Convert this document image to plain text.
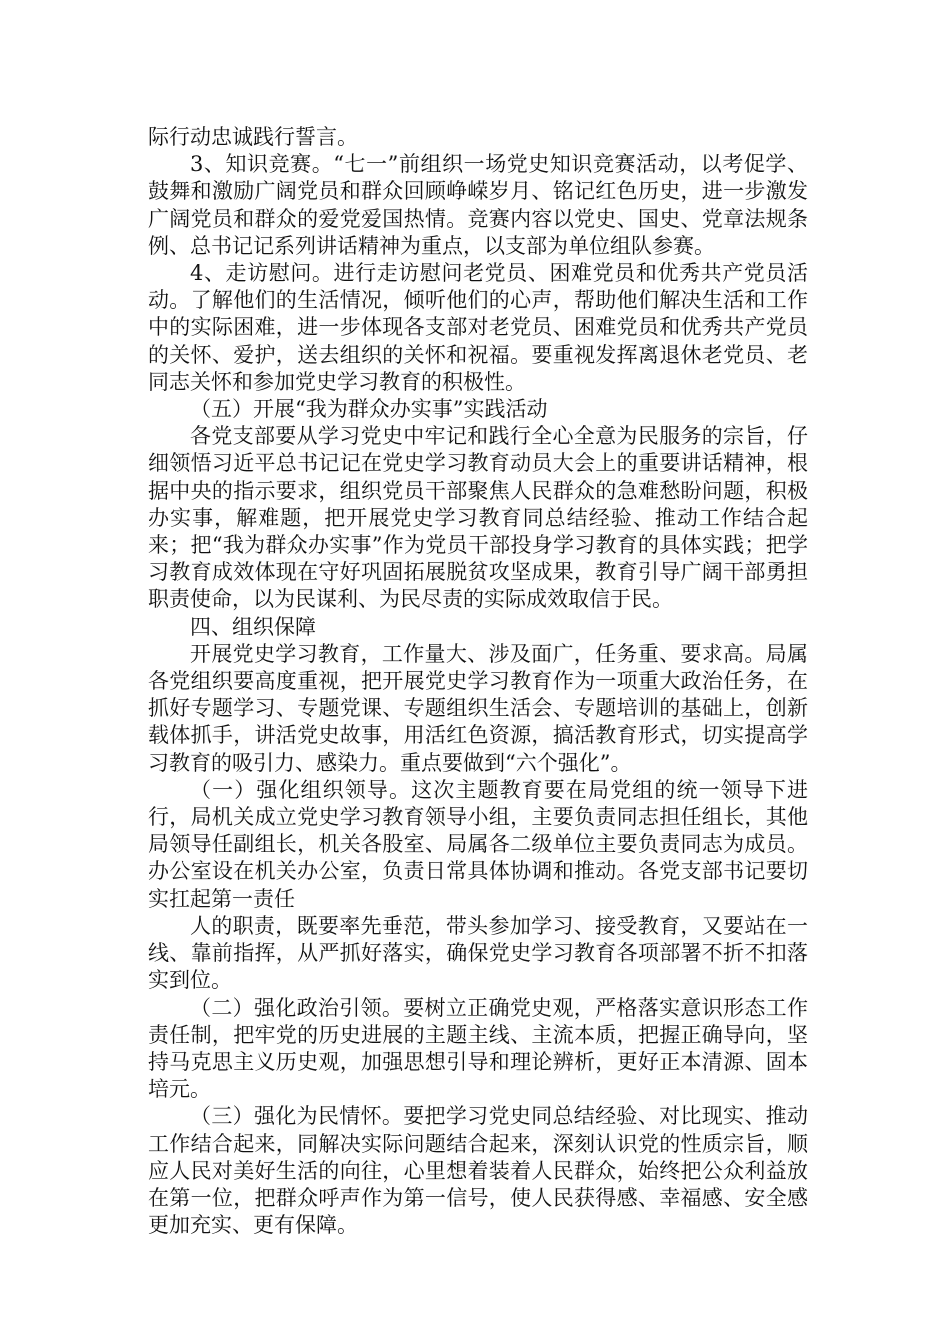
际行动忠诚践行誓言。

3、知识竞赛。“七一”前组织一场党史知识竞赛活动，以考促学、鼓舞和激励广阔党员和群众回顾峥嵘岁月、铭记红色历史，进一步激发广阔党员和群众的爱党爱国热情。竞赛内容以党史、国史、党章法规条例、总书记记系列讲话精神为重点，以支部为单位组队参赛。

4、走访慰问。进行走访慰问老党员、困难党员和优秀共产党员活动。了解他们的生活情况，倾听他们的心声，帮助他们解决生活和工作中的实际困难，进一步体现各支部对老党员、困难党员和优秀共产党员的关怀、爱护，送去组织的关怀和祝福。要重视发挥离退休老党员、老同志关怀和参加党史学习教育的积极性。

（五）开展“我为群众办实事”实践活动

各党支部要从学习党史中牢记和践行全心全意为民服务的宗旨，仔细领悟习近平总书记记在党史学习教育动员大会上的重要讲话精神，根据中央的指示要求，组织党员干部聚焦人民群众的急难愁盼问题，积极办实事，解难题，把开展党史学习教育同总结经验、推动工作结合起来；把“我为群众办实事”作为党员干部投身学习教育的具体实践；把学习教育成效体现在守好巩固拓展脱贫攻坚成果，教育引导广阔干部勇担职责使命，以为民谋利、为民尽责的实际成效取信于民。

四、组织保障

开展党史学习教育，工作量大、涉及面广，任务重、要求高。局属各党组织要高度重视，把开展党史学习教育作为一项重大政治任务，在抓好专题学习、专题党课、专题组织生活会、专题培训的基础上，创新载体抓手，讲活党史故事，用活红色资源，搞活教育形式，切实提高学习教育的吸引力、感染力。重点要做到“六个强化”。

（一）强化组织领导。这次主题教育要在局党组的统一领导下进行，局机关成立党史学习教育领导小组，主要负责同志担任组长，其他局领导任副组长，机关各股室、局属各二级单位主要负责同志为成员。办公室设在机关办公室，负责日常具体协调和推动。各党支部书记要切实扛起第一责任

人的职责，既要率先垂范，带头参加学习、接受教育，又要站在一线、靠前指挥，从严抓好落实，确保党史学习教育各项部署不折不扣落实到位。

（二）强化政治引领。要树立正确党史观，严格落实意识形态工作责任制，把牢党的历史进展的主题主线、主流本质，把握正确导向，坚持马克思主义历史观，加强思想引导和理论辨析，更好正本清源、固本培元。

（三）强化为民情怀。要把学习党史同总结经验、对比现实、推动工作结合起来，同解决实际问题结合起来，深刻认识党的性质宗旨，顺应人民对美好生活的向往，心里想着装着人民群众，始终把公众利益放在第一位，把群众呼声作为第一信号，使人民获得感、幸福感、安全感更加充实、更有保障。
